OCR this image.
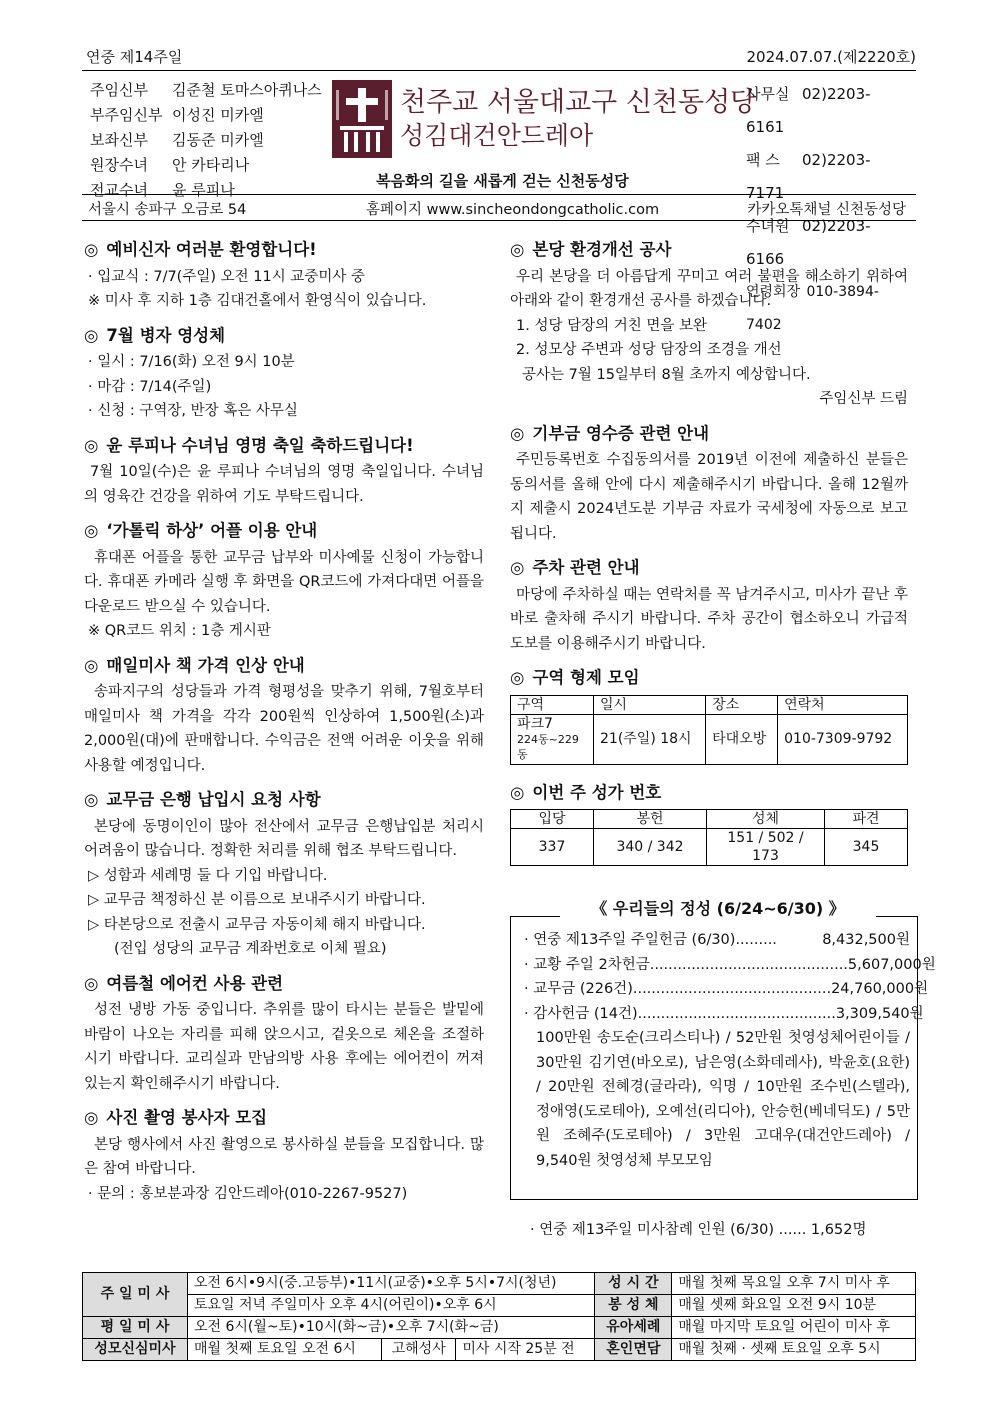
연중 제14주일	2024.07.07.(제2220호)
주임신부 김준철 토마스아퀴나스
부주임신부 이성진 미카엘
보좌신부 김동준 미카엘
원장수녀 안 카타리나
전교수녀 윤 루피나
천주교 서울대교구 신천동성당
성김대건안드레아
복음화의 길을 새롭게 걷는 신천동성당
사무실 02)2203-6161
팩 스 02)2203-7171
수녀원 02)2203-6166
연령회장 010-3894-7402
서울시 송파구 오금로 54	홈페이지 www.sincheondongcatholic.com	카카오톡채널 신천동성당
◎ 예비신자 여러분 환영합니다!
· 입교식 : 7/7(주일) 오전 11시 교중미사 중
※ 미사 후 지하 1층 김대건홀에서 환영식이 있습니다.
◎ 7월 병자 영성체
· 일시 : 7/16(화) 오전 9시 10분
· 마감 : 7/14(주일)
· 신청 : 구역장, 반장 혹은 사무실
◎ 윤 루피나 수녀님 영명 축일 축하드립니다!
7월 10일(수)은 윤 루피나 수녀님의 영명 축일입니다. 수녀님의 영육간 건강을 위하여 기도 부탁드립니다.
◎ ‘가톨릭 하상’ 어플 이용 안내
휴대폰 어플을 통한 교무금 납부와 미사예물 신청이 가능합니다. 휴대폰 카메라 실행 후 화면을 QR코드에 가져다대면 어플을 다운로드 받으실 수 있습니다.
※ QR코드 위치 : 1층 게시판
◎ 매일미사 책 가격 인상 안내
송파지구의 성당들과 가격 형평성을 맞추기 위해, 7월호부터 매일미사 책 가격을 각각 200원씩 인상하여 1,500원(소)과 2,000원(대)에 판매합니다. 수익금은 전액 어려운 이웃을 위해 사용할 예정입니다.
◎ 교무금 은행 납입시 요청 사항
본당에 동명이인이 많아 전산에서 교무금 은행납입분 처리시 어려움이 많습니다. 정확한 처리를 위해 협조 부탁드립니다.
▷ 성함과 세례명 둘 다 기입 바랍니다.
▷ 교무금 책정하신 분 이름으로 보내주시기 바랍니다.
▷ 타본당으로 전출시 교무금 자동이체 해지 바랍니다.
(전입 성당의 교무금 계좌번호로 이체 필요)
◎ 여름철 에어컨 사용 관련
성전 냉방 가동 중입니다. 추위를 많이 타시는 분들은 발밑에 바람이 나오는 자리를 피해 앉으시고, 겉옷으로 체온을 조절하시기 바랍니다. 교리실과 만남의방 사용 후에는 에어컨이 꺼져 있는지 확인해주시기 바랍니다.
◎ 사진 촬영 봉사자 모집
본당 행사에서 사진 촬영으로 봉사하실 분들을 모집합니다. 많은 참여 바랍니다.
· 문의 : 홍보분과장 김안드레아(010-2267-9527)
◎ 본당 환경개선 공사
우리 본당을 더 아름답게 꾸미고 여러 불편을 해소하기 위하여 아래와 같이 환경개선 공사를 하겠습니다.
1. 성당 담장의 거친 면을 보완
2. 성모상 주변과 성당 담장의 조경을 개선
공사는 7월 15일부터 8월 초까지 예상합니다.
주임신부 드림
◎ 기부금 영수증 관련 안내
주민등록번호 수집동의서를 2019년 이전에 제출하신 분들은 동의서를 올해 안에 다시 제출해주시기 바랍니다. 올해 12월까지 제출시 2024년도분 기부금 자료가 국세청에 자동으로 보고 됩니다.
◎ 주차 관련 안내
마당에 주차하실 때는 연락처를 꼭 남겨주시고, 미사가 끝난 후 바로 출차해 주시기 바랍니다. 주차 공간이 협소하오니 가급적 도보를 이용해주시기 바랍니다.
◎ 구역 형제 모임
구역	일시	장소	연락처

파크7
224동~229동	21(주일) 18시	타대오방	010-7309-9792
◎ 이번 주 성가 번호
입당	봉헌	성체	파견
337	340 / 342	151 / 502 / 173	345
《 우리들의 정성 (6/24~6/30) 》
· 연중 제13주일 주일헌금 (6/30) .........	8,432,500원
· 교황 주일 2차헌금 ........................................... 5,607,000원
· 교무금 (226건) ........................................... 24,760,000원
· 감사헌금 (14건) ........................................... 3,309,540원
100만원 송도순(크리스티나) / 52만원 첫영성체어린이들 / 30만원 김기연(바오로), 남은영(소화데레사), 박윤호(요한) / 20만원 전혜경(글라라), 익명 / 10만원 조수빈(스텔라), 정애영(도로테아), 오예선(리디아), 안승헌(베네딕도) / 5만원 조혜주(도로테아) / 3만원 고대우(대건안드레아) / 9,540원 첫영성체 부모모임
· 연중 제13주일 미사참례 인원 (6/30) ...... 1,652명
주 일 미 사	오전 6시•9시(중.고등부)•11시(교중)•오후 5시•7시(청년)			성 시 간	매월 첫째 목요일 오후 7시 미사 후
	토요일 저녁 주일미사 오후 4시(어린이)•오후 6시			봉 성 체	매월 셋째 화요일 오전 9시 10분
평 일 미 사	오전 6시(월~토)•10시(화~금)•오후 7시(화~금)			유아세례	매월 마지막 토요일 어린이 미사 후
성모신심미사	매월 첫째 토요일 오전 6시	고해성사	미사 시작 25분 전	혼인면담	매월 첫째 · 셋째 토요일 오후 5시
